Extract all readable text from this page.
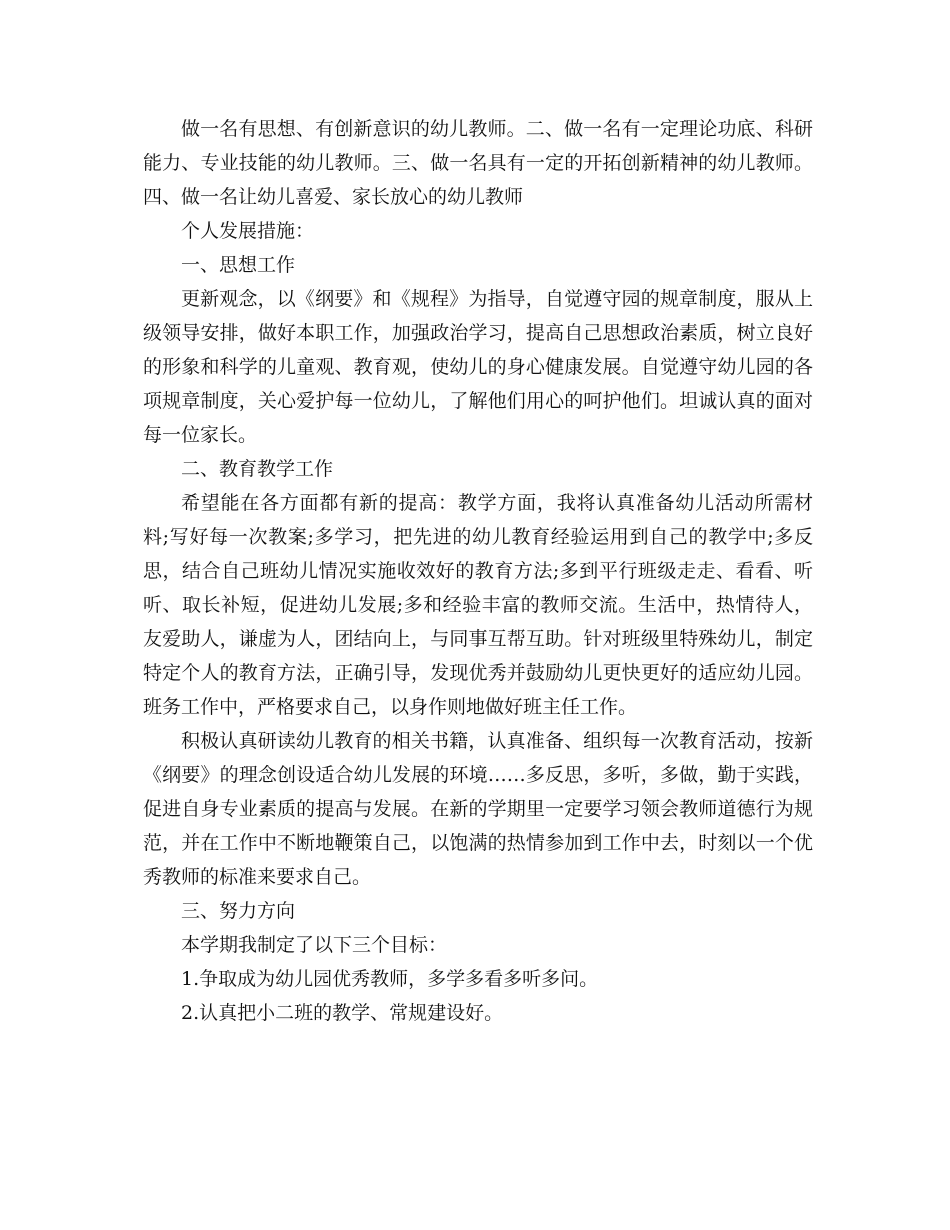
做一名有思想、有创新意识的幼儿教师。二、做一名有一定理论功底、科研能力、专业技能的幼儿教师。三、做一名具有一定的开拓创新精神的幼儿教师。四、做一名让幼儿喜爱、家长放心的幼儿教师

个人发展措施：

一、思想工作

更新观念，以《纲要》和《规程》为指导，自觉遵守园的规章制度，服从上级领导安排，做好本职工作，加强政治学习，提高自己思想政治素质，树立良好的形象和科学的儿童观、教育观，使幼儿的身心健康发展。自觉遵守幼儿园的各项规章制度，关心爱护每一位幼儿，了解他们用心的呵护他们。坦诚认真的面对每一位家长。

二、教育教学工作

希望能在各方面都有新的提高：教学方面，我将认真准备幼儿活动所需材料;写好每一次教案;多学习，把先进的幼儿教育经验运用到自己的教学中;多反思，结合自己班幼儿情况实施收效好的教育方法;多到平行班级走走、看看、听听、取长补短，促进幼儿发展;多和经验丰富的教师交流。生活中，热情待人，友爱助人，谦虚为人，团结向上，与同事互帮互助。针对班级里特殊幼儿，制定特定个人的教育方法，正确引导，发现优秀并鼓励幼儿更快更好的适应幼儿园。班务工作中，严格要求自己，以身作则地做好班主任工作。

积极认真研读幼儿教育的相关书籍，认真准备、组织每一次教育活动，按新《纲要》的理念创设适合幼儿发展的环境……多反思，多听，多做，勤于实践，促进自身专业素质的提高与发展。在新的学期里一定要学习领会教师道德行为规范，并在工作中不断地鞭策自己，以饱满的热情参加到工作中去，时刻以一个优秀教师的标准来要求自己。

三、努力方向

本学期我制定了以下三个目标：

1.争取成为幼儿园优秀教师，多学多看多听多问。

2.认真把小二班的教学、常规建设好。
